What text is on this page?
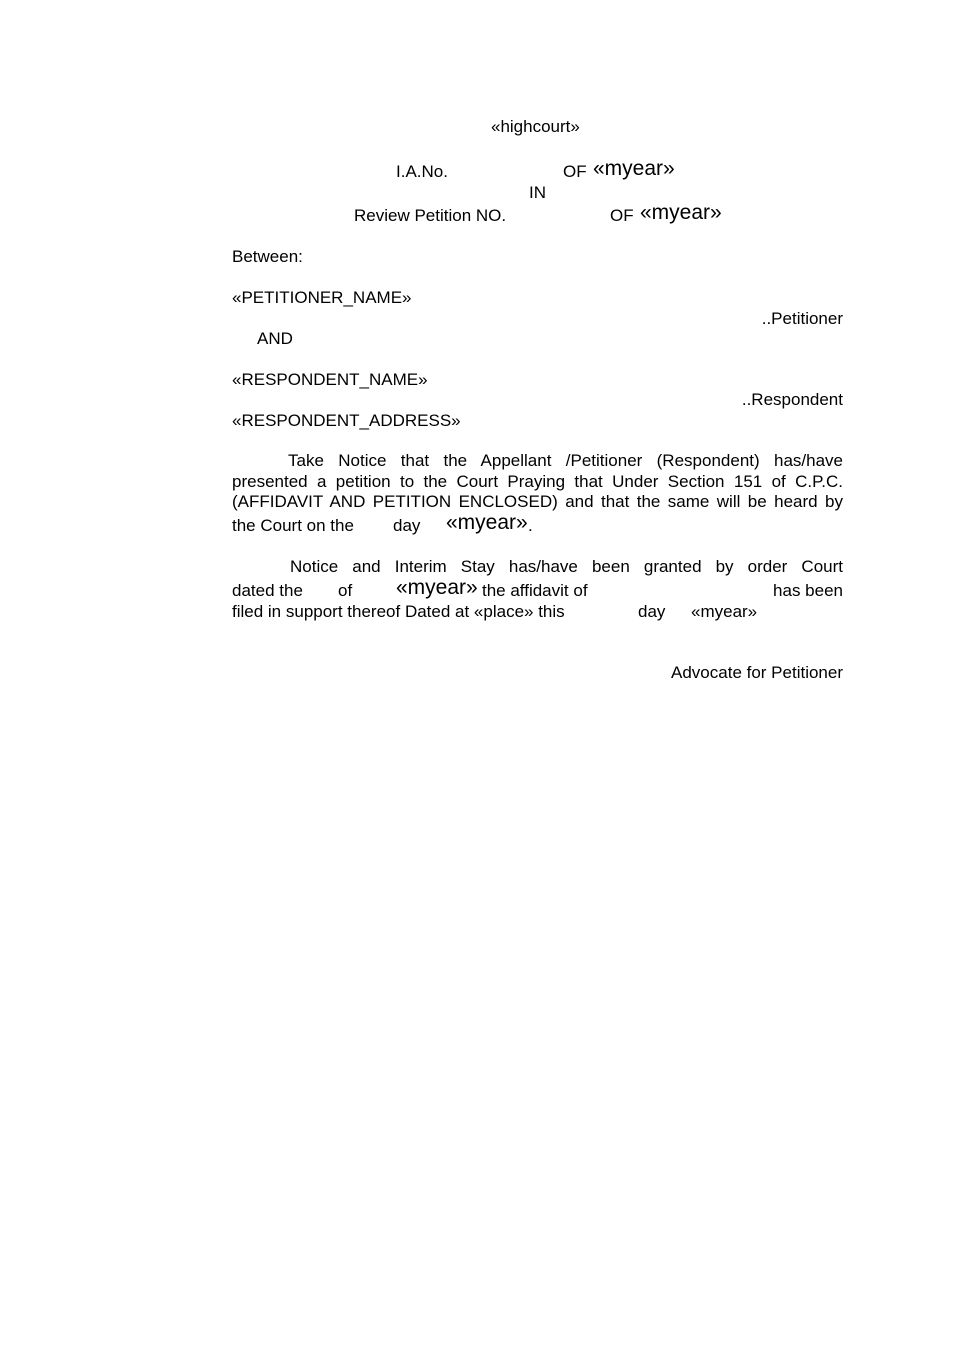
«highcourt»
I.A.No.	OF «myear»
IN
Review Petition NO.	OF «myear»
Between:
«PETITIONER_NAME»
..Petitioner
AND
«RESPONDENT_NAME»
..Respondent
«RESPONDENT_ADDRESS»
Take Notice that the Appellant /Petitioner (Respondent) has/have
presented a petition to the Court Praying that Under Section 151 of C.P.C.
(AFFIDAVIT AND PETITION ENCLOSED) and that the same will be heard by
the Court on the day «myear» .
Notice and Interim Stay has/have been granted by order Court
dated the of «myear» the affidavit of	has been
filed in support thereof Dated at «place» this	day «myear»
Advocate for Petitioner
